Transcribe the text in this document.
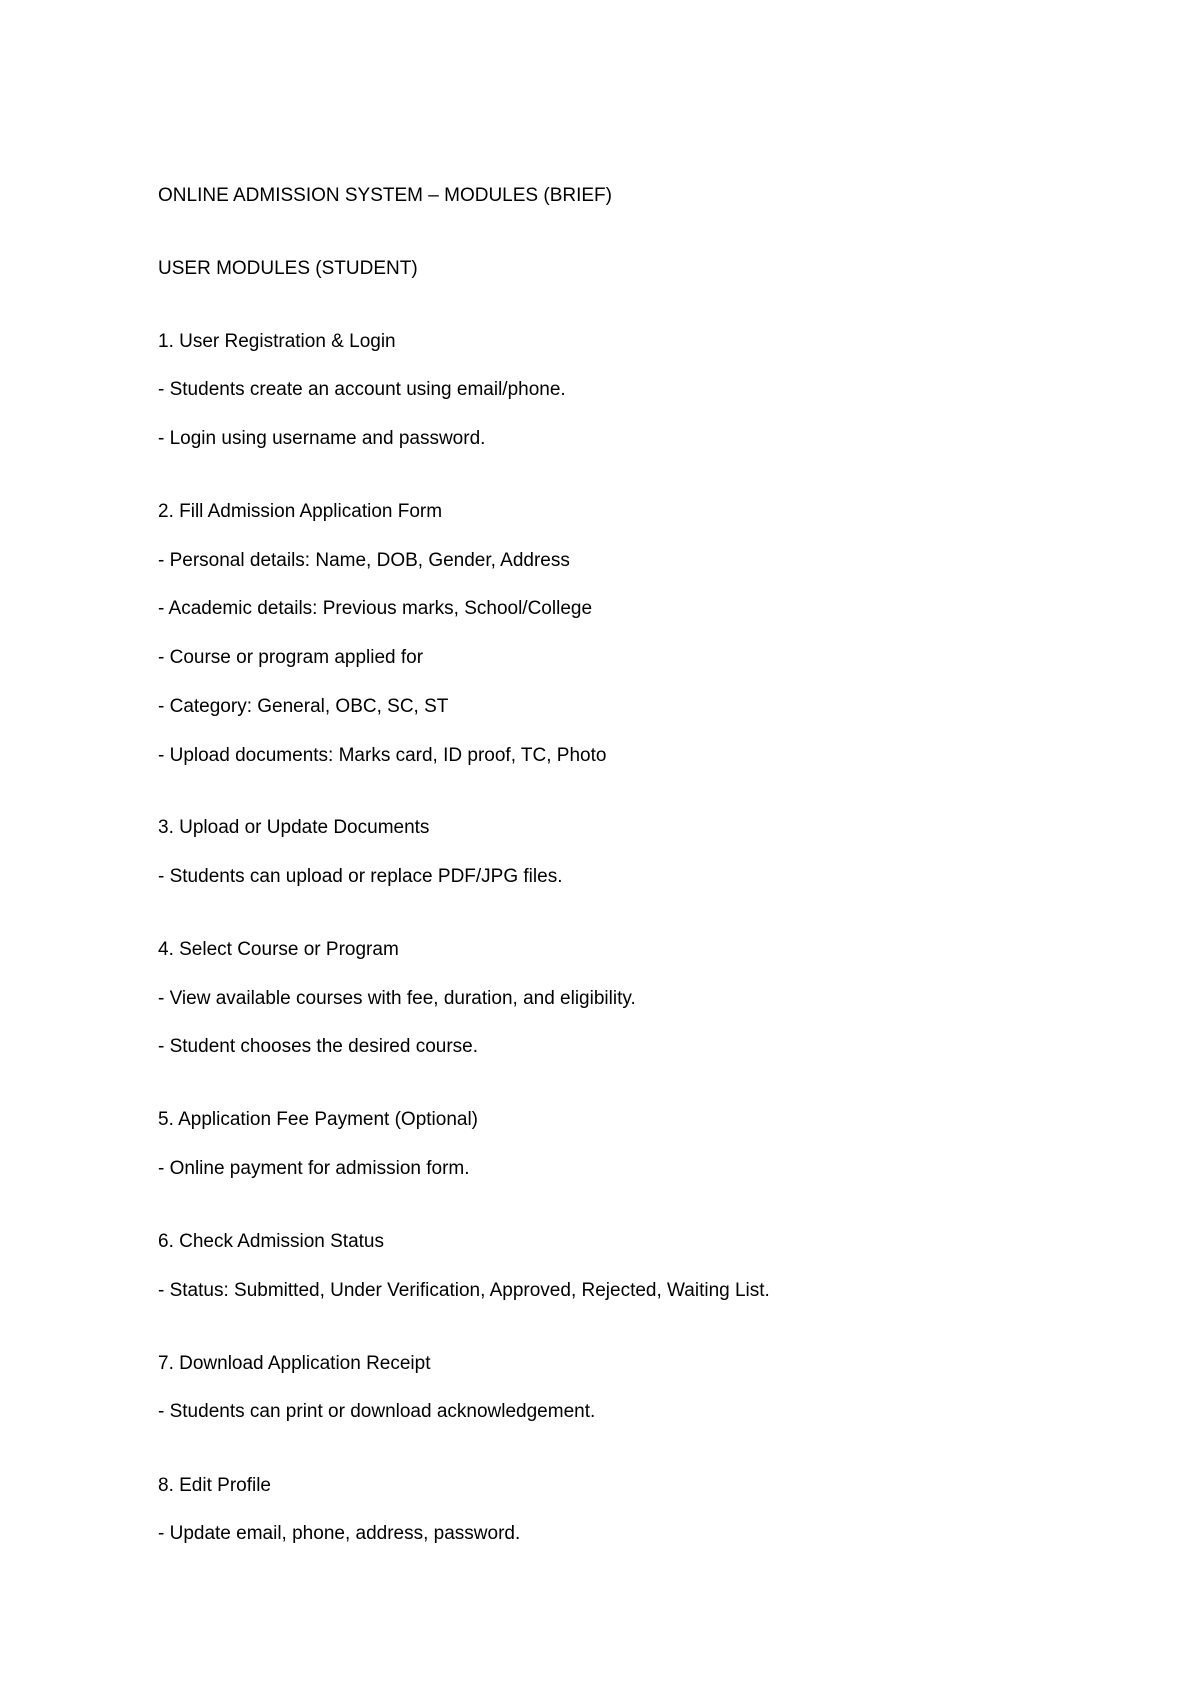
ONLINE ADMISSION SYSTEM – MODULES (BRIEF)
USER MODULES (STUDENT)
1. User Registration & Login
- Students create an account using email/phone.
- Login using username and password.
2. Fill Admission Application Form
- Personal details: Name, DOB, Gender, Address
- Academic details: Previous marks, School/College
- Course or program applied for
- Category: General, OBC, SC, ST
- Upload documents: Marks card, ID proof, TC, Photo
3. Upload or Update Documents
- Students can upload or replace PDF/JPG files.
4. Select Course or Program
- View available courses with fee, duration, and eligibility.
- Student chooses the desired course.
5. Application Fee Payment (Optional)
- Online payment for admission form.
6. Check Admission Status
- Status: Submitted, Under Verification, Approved, Rejected, Waiting List.
7. Download Application Receipt
- Students can print or download acknowledgement.
8. Edit Profile
- Update email, phone, address, password.
